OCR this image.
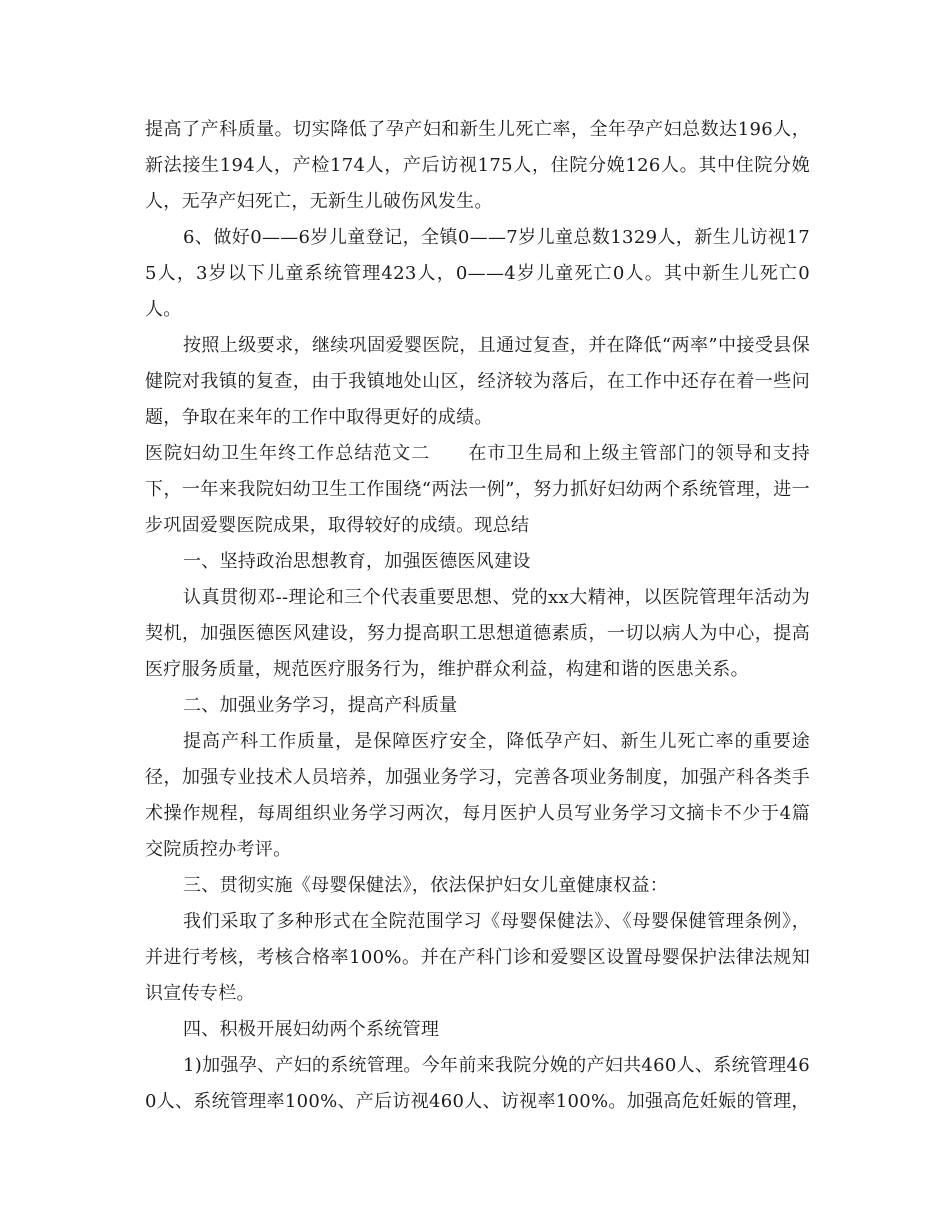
提高了产科质量。切实降低了孕产妇和新生儿死亡率，全年孕产妇总数达196人，新法接生194人，产检174人，产后访视175人，住院分娩126人。其中住院分娩人，无孕产妇死亡，无新生儿破伤风发生。

6、做好0——6岁儿童登记，全镇0——7岁儿童总数1329人，新生儿访视175人，3岁以下儿童系统管理423人，0——4岁儿童死亡0人。其中新生儿死亡0人。

按照上级要求，继续巩固爱婴医院，且通过复查，并在降低“两率”中接受县保健院对我镇的复查，由于我镇地处山区，经济较为落后，在工作中还存在着一些问题，争取在来年的工作中取得更好的成绩。

医院妇幼卫生年终工作总结范文二　　在市卫生局和上级主管部门的领导和支持下，一年来我院妇幼卫生工作围绕“两法一例”，努力抓好妇幼两个系统管理，进一步巩固爱婴医院成果，取得较好的成绩。现总结

一、坚持政治思想教育，加强医德医风建设

认真贯彻邓--理论和三个代表重要思想、党的xx大精神，以医院管理年活动为契机，加强医德医风建设，努力提高职工思想道德素质，一切以病人为中心，提高医疗服务质量，规范医疗服务行为，维护群众利益，构建和谐的医患关系。

二、加强业务学习，提高产科质量

提高产科工作质量，是保障医疗安全，降低孕产妇、新生儿死亡率的重要途径，加强专业技术人员培养，加强业务学习，完善各项业务制度，加强产科各类手术操作规程，每周组织业务学习两次，每月医护人员写业务学习文摘卡不少于4篇交院质控办考评。

三、贯彻实施《母婴保健法》，依法保护妇女儿童健康权益：

我们采取了多种形式在全院范围学习《母婴保健法》、《母婴保健管理条例》，并进行考核，考核合格率100%。并在产科门诊和爱婴区设置母婴保护法律法规知识宣传专栏。

四、积极开展妇幼两个系统管理

1)加强孕、产妇的系统管理。今年前来我院分娩的产妇共460人、系统管理460人、系统管理率100%、产后访视460人、访视率100%。加强高危妊娠的管理，
